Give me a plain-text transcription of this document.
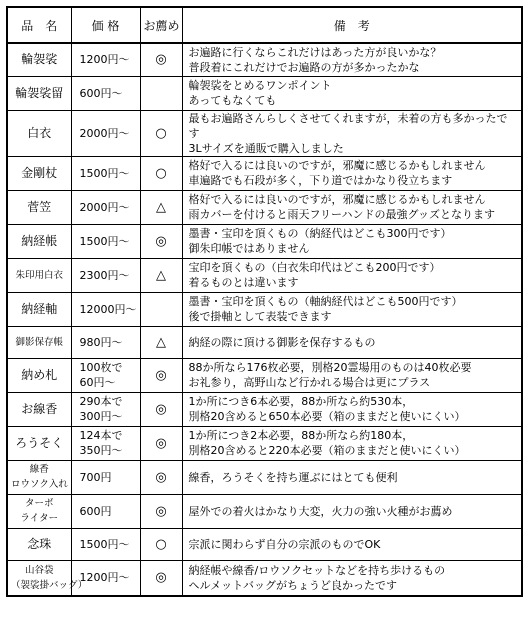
品　名	価 格	お薦め	備　考
輪袈裟	1200円～	◎	お遍路に行くならこれだけはあった方が良いかな？
普段着にこれだけでお遍路の方が多かったかな
輪袈裟留	600円～		輪袈裟をとめるワンポイント
あってもなくても
白衣	2000円～	○	最もお遍路さんらしくさせてくれますが，未着の方も多かったです
3Lサイズを通販で購入しました
金剛杖	1500円～	○	格好で入るには良いのですが，邪魔に感じるかもしれません
車遍路でも石段が多く，下り道ではかなり役立ちます
菅笠	2000円～	△	格好で入るには良いのですが，邪魔に感じるかもしれません
雨カバーを付けると雨天フリーハンドの最強グッズとなります
納経帳	1500円～	◎	墨書・宝印を頂くもの（納経代はどこも300円です）
御朱印帳ではありません
朱印用白衣	2300円～	△	宝印を頂くもの（白衣朱印代はどこも200円です）
着るものとは違います
納経軸	12000円～		墨書・宝印を頂くもの（軸納経代はどこも500円です）
後で掛軸として表装できます
御影保存帳	980円～	△	納経の際に頂ける御影を保存するもの
納め札	100枚で
60円～	◎	88か所なら176枚必要，別格20霊場用のものは40枚必要
お礼参り，高野山など行かれる場合は更にプラス
お線香	290本で
300円～	◎	1か所につき6本必要，88か所なら約530本，
別格20含めると650本必要（箱のままだと使いにくい）
ろうそく	124本で
350円～	◎	1か所につき2本必要，88か所なら約180本，
別格20含めると220本必要（箱のままだと使いにくい）
線香 ロウソク入れ	700円	◎	線香，ろうそくを持ち運ぶにはとても便利
ターボ ライター	600円	◎	屋外での着火はかなり大変，火力の強い火種がお薦め
念珠	1500円～	○	宗派に関わらず自分の宗派のものでOK
山谷袋 （袈裟掛バッグ）	1200円～	◎	納経帳や線香/ロウソクセットなどを持ち歩けるもの
ヘルメットバッグがちょうど良かったです
